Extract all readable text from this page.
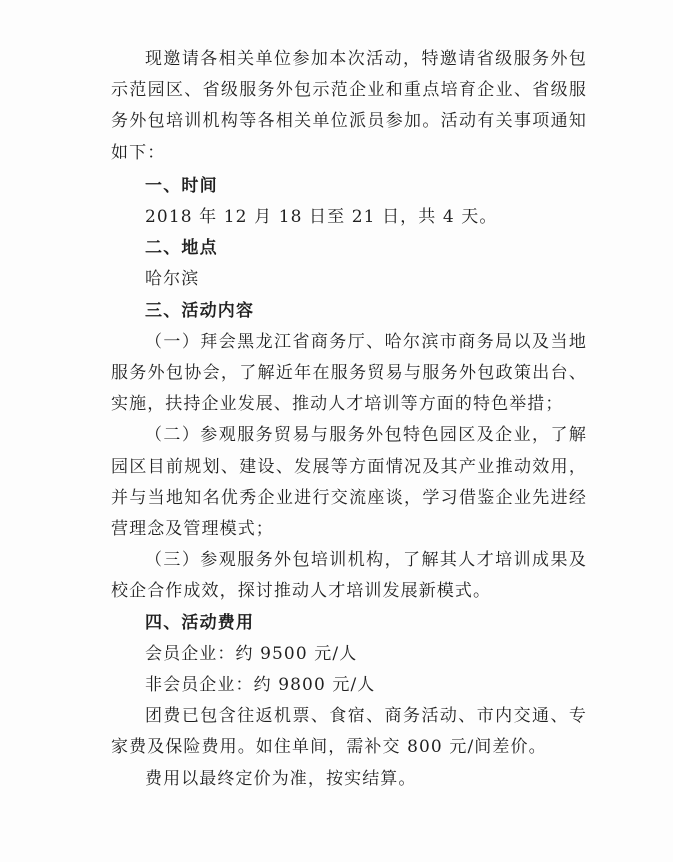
现邀请各相关单位参加本次活动，特邀请省级服务外包示范园区、省级服务外包示范企业和重点培育企业、省级服务外包培训机构等各相关单位派员参加。活动有关事项通知如下：

一、时间

2018 年 12 月 18 日至 21 日，共 4 天。

二、地点

哈尔滨

三、活动内容

（一）拜会黑龙江省商务厅、哈尔滨市商务局以及当地服务外包协会，了解近年在服务贸易与服务外包政策出台、实施，扶持企业发展、推动人才培训等方面的特色举措；

（二）参观服务贸易与服务外包特色园区及企业，了解园区目前规划、建设、发展等方面情况及其产业推动效用，并与当地知名优秀企业进行交流座谈，学习借鉴企业先进经营理念及管理模式；

（三）参观服务外包培训机构，了解其人才培训成果及校企合作成效，探讨推动人才培训发展新模式。

四、活动费用

会员企业：约 9500 元/人

非会员企业：约 9800 元/人

团费已包含往返机票、食宿、商务活动、市内交通、专家费及保险费用。如住单间，需补交 800 元/间差价。

费用以最终定价为准，按实结算。
